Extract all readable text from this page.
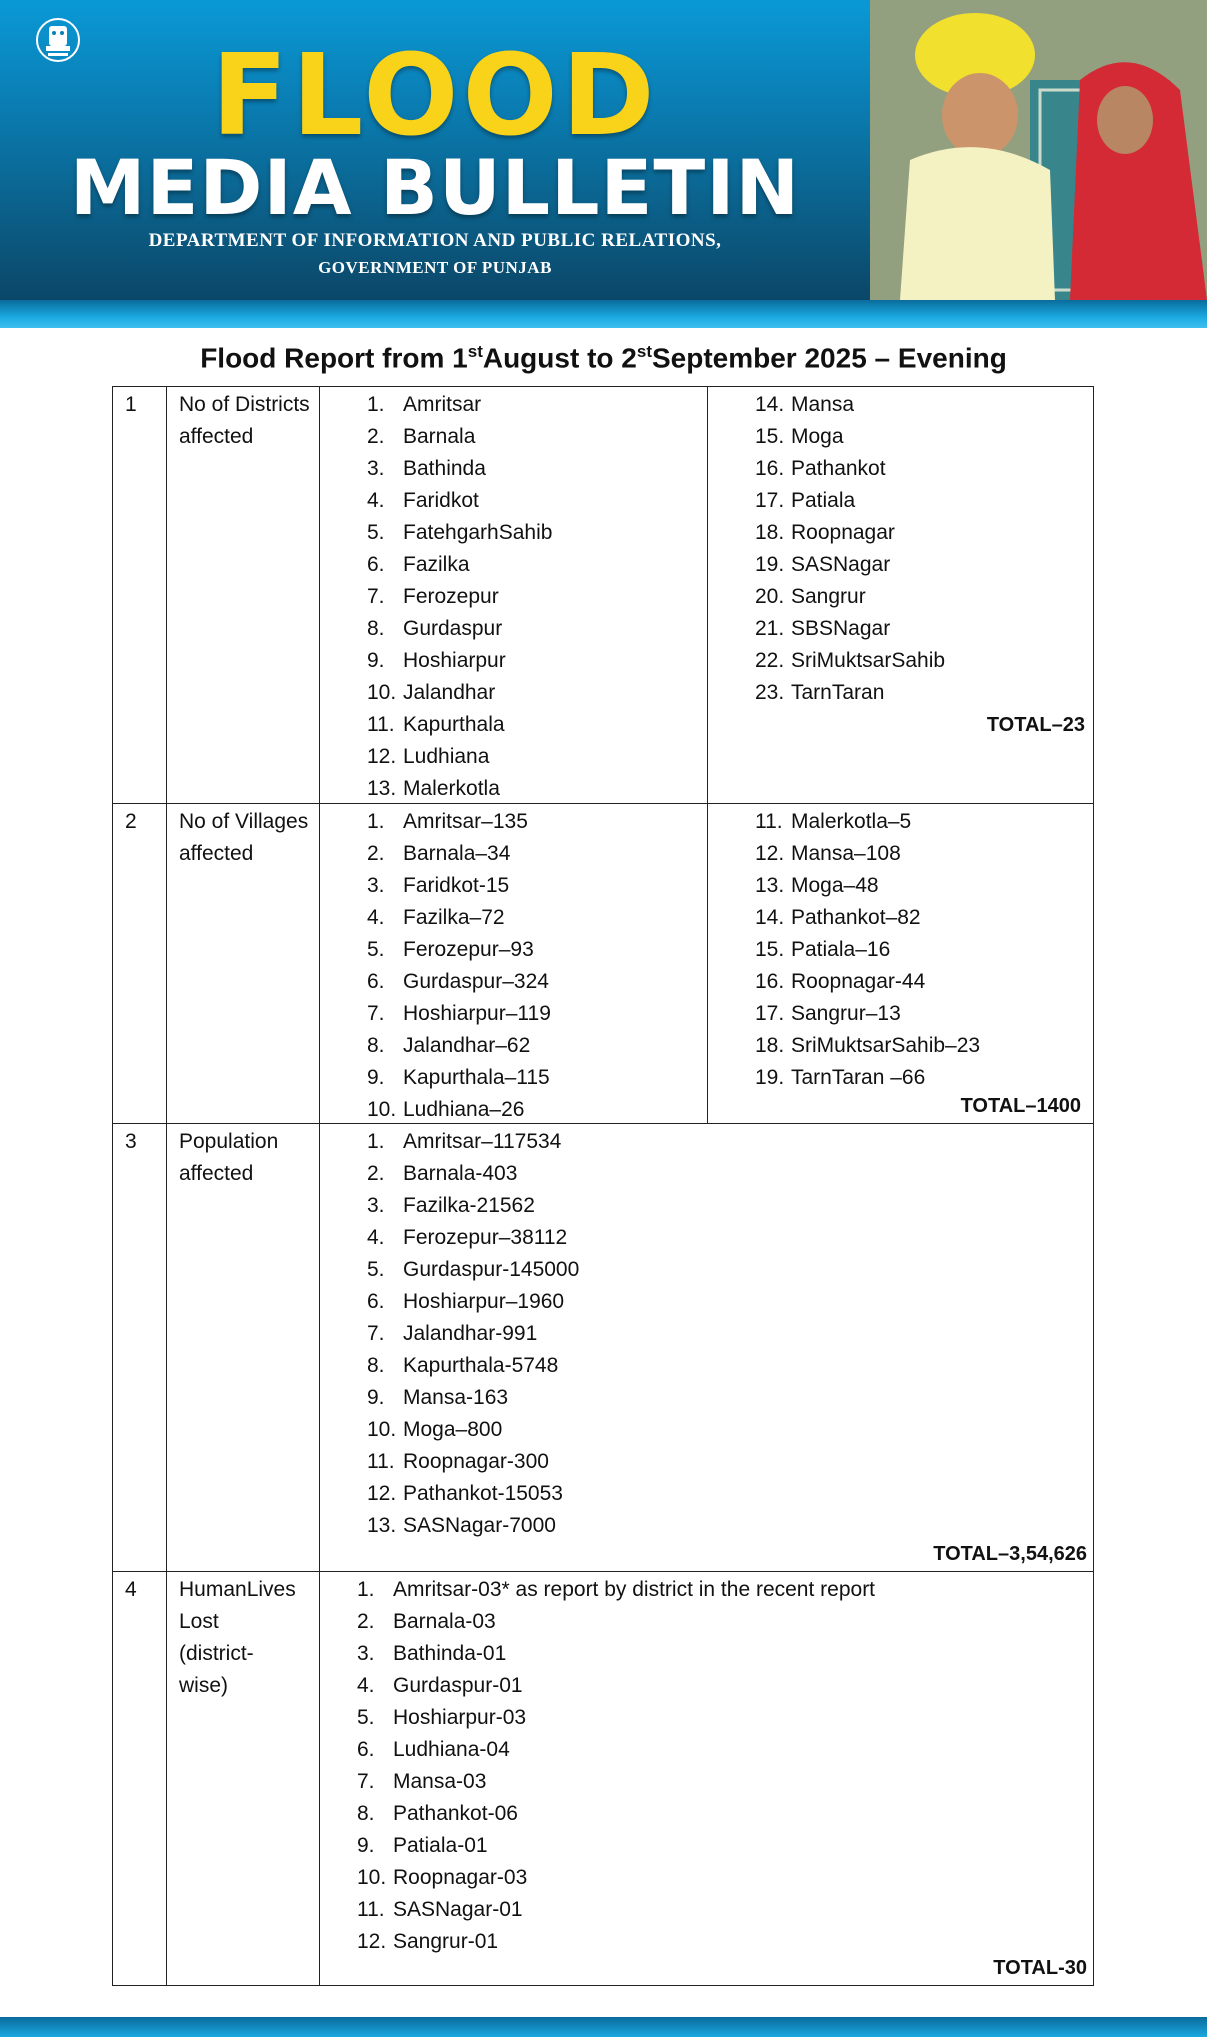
FLOOD
MEDIA BULLETIN
DEPARTMENT OF INFORMATION AND PUBLIC RELATIONS,
GOVERNMENT OF PUNJAB
Flood Report from 1stAugust to 2stSeptember 2025 – Evening
1 No of Districts affected
1. Amritsar
2. Barnala
3. Bathinda
4. Faridkot
5. FatehgarhSahib
6. Fazilka
7. Ferozepur
8. Gurdaspur
9. Hoshiarpur
10. Jalandhar
11. Kapurthala
12. Ludhiana
13. Malerkotla
14. Mansa
15. Moga
16. Pathankot
17. Patiala
18. Roopnagar
19. SASNagar
20. Sangrur
21. SBSNagar
22. SriMuktsarSahib
23. TarnTaran
TOTAL–23
2 No of Villages affected
1. Amritsar–135
2. Barnala–34
3. Faridkot-15
4. Fazilka–72
5. Ferozepur–93
6. Gurdaspur–324
7. Hoshiarpur–119
8. Jalandhar–62
9. Kapurthala–115
10. Ludhiana–26
11. Malerkotla–5
12. Mansa–108
13. Moga–48
14. Pathankot–82
15. Patiala–16
16. Roopnagar-44
17. Sangrur–13
18. SriMuktsarSahib–23
19. TarnTaran –66
TOTAL–1400
3 Population affected
1. Amritsar–117534
2. Barnala-403
3. Fazilka-21562
4. Ferozepur–38112
5. Gurdaspur-145000
6. Hoshiarpur–1960
7. Jalandhar-991
8. Kapurthala-5748
9. Mansa-163
10. Moga–800
11. Roopnagar-300
12. Pathankot-15053
13. SASNagar-7000
TOTAL–3,54,626
4 HumanLives
Lost
(district-
wise)
1. Amritsar-03* as report by district in the recent report
2. Barnala-03
3. Bathinda-01
4. Gurdaspur-01
5. Hoshiarpur-03
6. Ludhiana-04
7. Mansa-03
8. Pathankot-06
9. Patiala-01
10. Roopnagar-03
11. SASNagar-01
12. Sangrur-01
TOTAL-30
